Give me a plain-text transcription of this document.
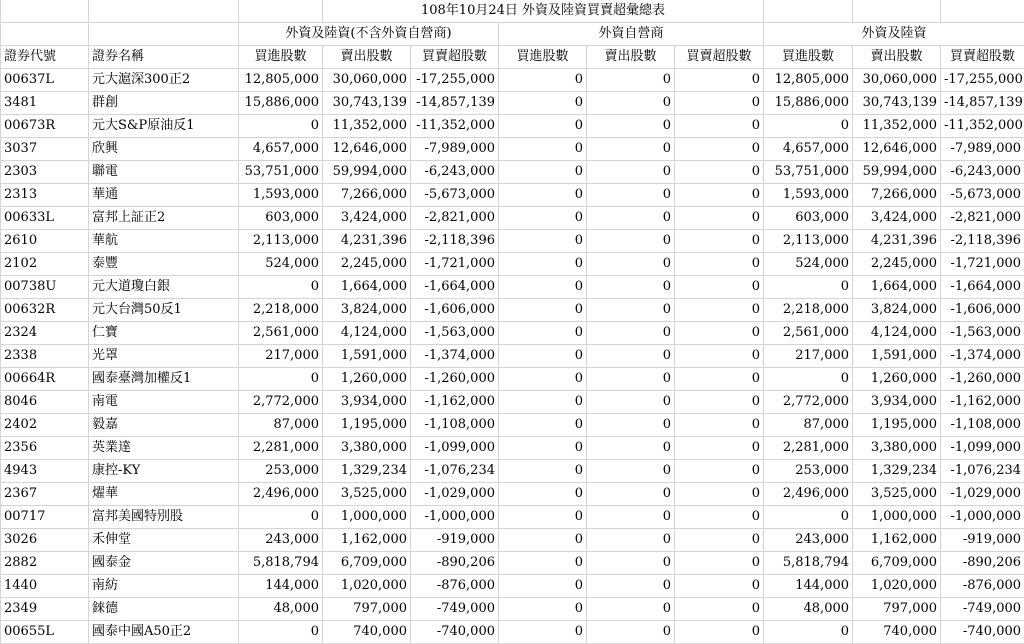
			108年10月24日 外資及陸資買賣超彙總表							
		外資及陸資(不含外資自營商)			外資自營商			外資及陸資		
證券代號	證券名稱	買進股數	賣出股數	買賣超股數	買進股數	賣出股數	買賣超股數	買進股數	賣出股數	買賣超股數
00637L	元大滬深300正2	12,805,000	30,060,000	-17,255,000	0	0	0	12,805,000	30,060,000	-17,255,000
3481	群創	15,886,000	30,743,139	-14,857,139	0	0	0	15,886,000	30,743,139	-14,857,139
00673R	元大S&P原油反1	0	11,352,000	-11,352,000	0	0	0	0	11,352,000	-11,352,000
3037	欣興	4,657,000	12,646,000	-7,989,000	0	0	0	4,657,000	12,646,000	-7,989,000
2303	聯電	53,751,000	59,994,000	-6,243,000	0	0	0	53,751,000	59,994,000	-6,243,000
2313	華通	1,593,000	7,266,000	-5,673,000	0	0	0	1,593,000	7,266,000	-5,673,000
00633L	富邦上証正2	603,000	3,424,000	-2,821,000	0	0	0	603,000	3,424,000	-2,821,000
2610	華航	2,113,000	4,231,396	-2,118,396	0	0	0	2,113,000	4,231,396	-2,118,396
2102	泰豐	524,000	2,245,000	-1,721,000	0	0	0	524,000	2,245,000	-1,721,000
00738U	元大道瓊白銀	0	1,664,000	-1,664,000	0	0	0	0	1,664,000	-1,664,000
00632R	元大台灣50反1	2,218,000	3,824,000	-1,606,000	0	0	0	2,218,000	3,824,000	-1,606,000
2324	仁寶	2,561,000	4,124,000	-1,563,000	0	0	0	2,561,000	4,124,000	-1,563,000
2338	光罩	217,000	1,591,000	-1,374,000	0	0	0	217,000	1,591,000	-1,374,000
00664R	國泰臺灣加權反1	0	1,260,000	-1,260,000	0	0	0	0	1,260,000	-1,260,000
8046	南電	2,772,000	3,934,000	-1,162,000	0	0	0	2,772,000	3,934,000	-1,162,000
2402	毅嘉	87,000	1,195,000	-1,108,000	0	0	0	87,000	1,195,000	-1,108,000
2356	英業達	2,281,000	3,380,000	-1,099,000	0	0	0	2,281,000	3,380,000	-1,099,000
4943	康控-KY	253,000	1,329,234	-1,076,234	0	0	0	253,000	1,329,234	-1,076,234
2367	燿華	2,496,000	3,525,000	-1,029,000	0	0	0	2,496,000	3,525,000	-1,029,000
00717	富邦美國特別股	0	1,000,000	-1,000,000	0	0	0	0	1,000,000	-1,000,000
3026	禾伸堂	243,000	1,162,000	-919,000	0	0	0	243,000	1,162,000	-919,000
2882	國泰金	5,818,794	6,709,000	-890,206	0	0	0	5,818,794	6,709,000	-890,206
1440	南紡	144,000	1,020,000	-876,000	0	0	0	144,000	1,020,000	-876,000
2349	錸德	48,000	797,000	-749,000	0	0	0	48,000	797,000	-749,000
00655L	國泰中國A50正2	0	740,000	-740,000	0	0	0	0	740,000	-740,000
